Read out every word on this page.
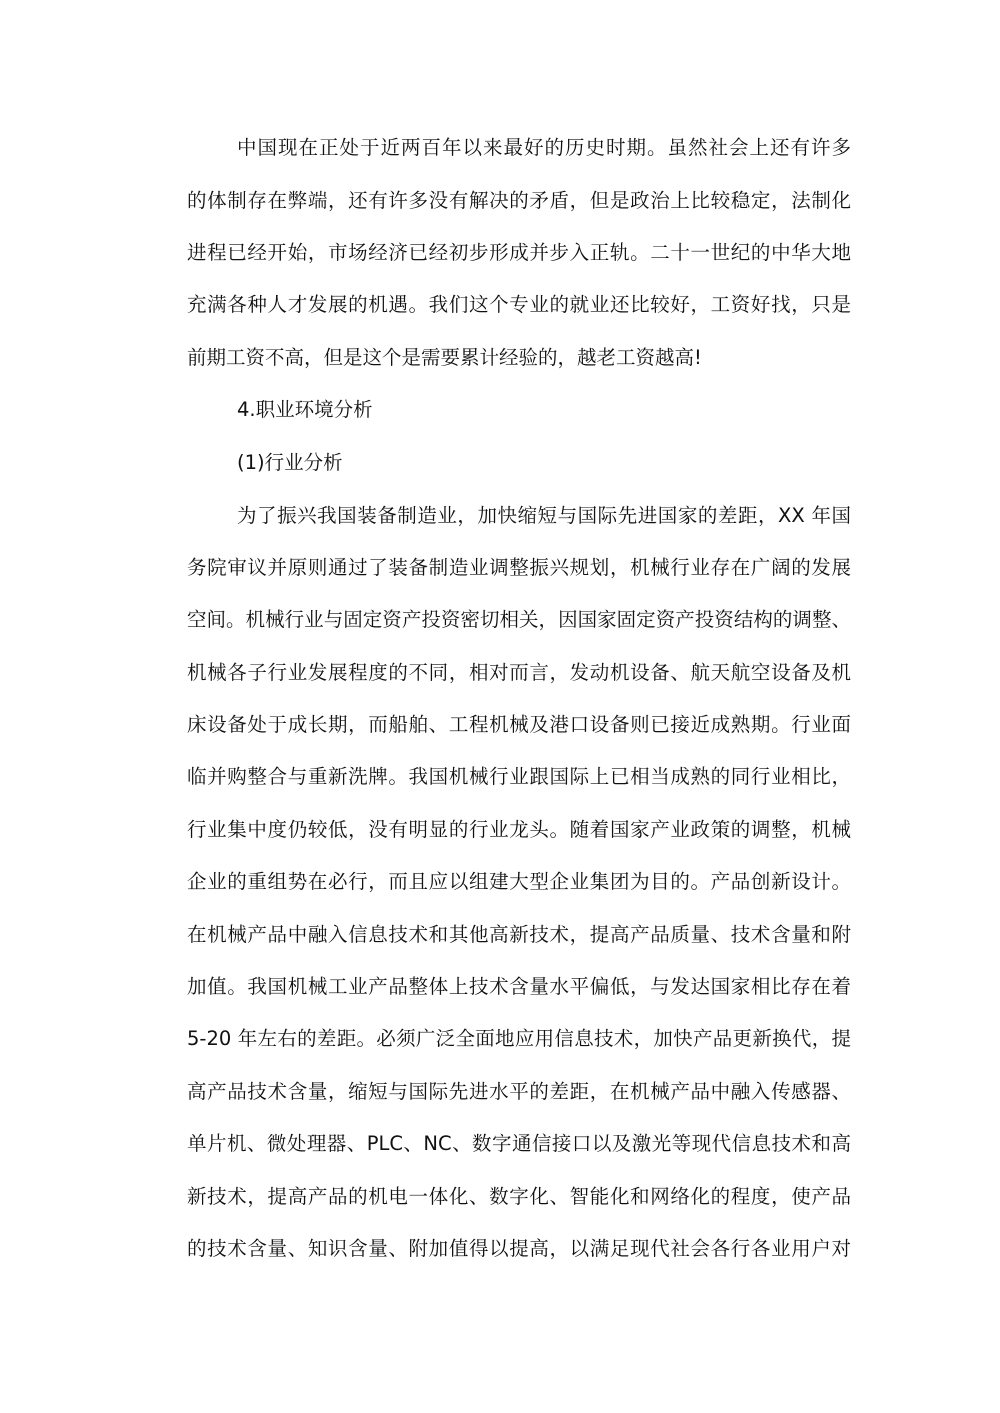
中国现在正处于近两百年以来最好的历史时期。虽然社会上还有许多
的体制存在弊端，还有许多没有解决的矛盾，但是政治上比较稳定，法制化
进程已经开始，市场经济已经初步形成并步入正轨。二十一世纪的中华大地
充满各种人才发展的机遇。我们这个专业的就业还比较好，工资好找，只是
前期工资不高，但是这个是需要累计经验的，越老工资越高!
4.职业环境分析
(1)行业分析
为了振兴我国装备制造业，加快缩短与国际先进国家的差距，XX 年国
务院审议并原则通过了装备制造业调整振兴规划，机械行业存在广阔的发展
空间。机械行业与固定资产投资密切相关，因国家固定资产投资结构的调整、
机械各子行业发展程度的不同，相对而言，发动机设备、航天航空设备及机
床设备处于成长期，而船舶、工程机械及港口设备则已接近成熟期。行业面
临并购整合与重新洗牌。我国机械行业跟国际上已相当成熟的同行业相比，
行业集中度仍较低，没有明显的行业龙头。随着国家产业政策的调整，机械
企业的重组势在必行，而且应以组建大型企业集团为目的。产品创新设计。
在机械产品中融入信息技术和其他高新技术，提高产品质量、技术含量和附
加值。我国机械工业产品整体上技术含量水平偏低，与发达国家相比存在着
5-20 年左右的差距。必须广泛全面地应用信息技术，加快产品更新换代，提
高产品技术含量，缩短与国际先进水平的差距，在机械产品中融入传感器、
单片机、微处理器、PLC、NC、数字通信接口以及激光等现代信息技术和高
新技术，提高产品的机电一体化、数字化、智能化和网络化的程度，使产品
的技术含量、知识含量、附加值得以提高，以满足现代社会各行各业用户对
